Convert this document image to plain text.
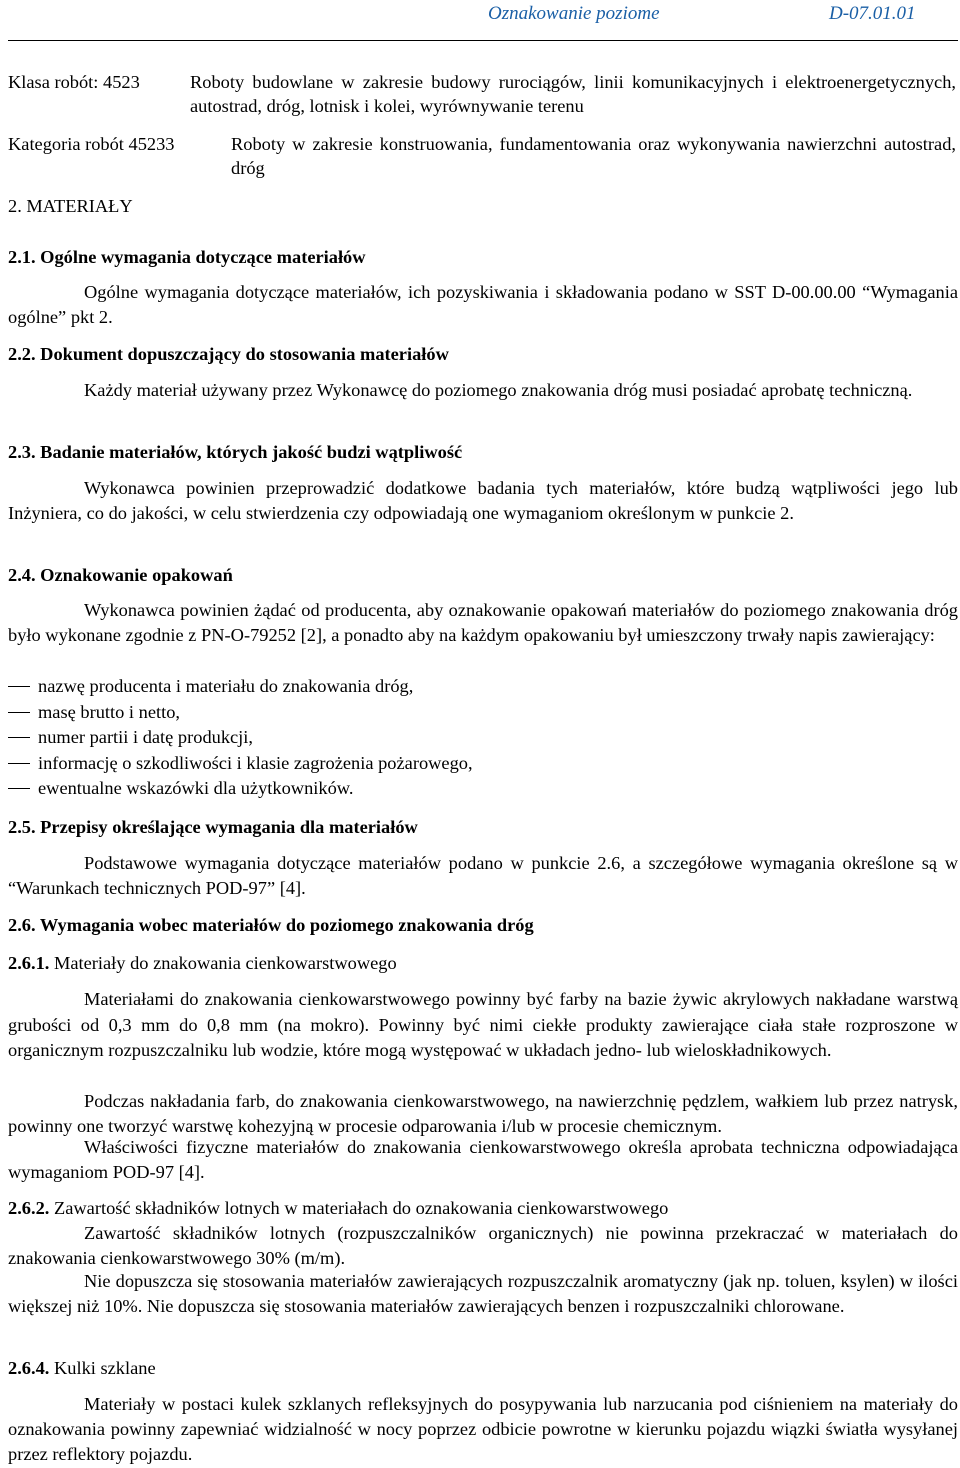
Oznakowanie poziome	D-07.01.01
Klasa robót: 4523	Roboty budowlane w zakresie budowy rurociągów, linii komunikacyjnych i elektroenergetycznych, autostrad, dróg, lotnisk i kolei, wyrównywanie terenu
Kategoria robót 45233	Roboty w zakresie konstruowania, fundamentowania oraz wykonywania nawierzchni autostrad, dróg
2. MATERIAŁY
2.1. Ogólne wymagania dotyczące materiałów
Ogólne wymagania dotyczące materiałów, ich pozyskiwania i składowania podano w SST D-00.00.00 “Wymagania ogólne” pkt 2.
2.2. Dokument dopuszczający do stosowania materiałów
Każdy materiał używany przez Wykonawcę do poziomego znakowania dróg musi posiadać aprobatę techniczną.
2.3. Badanie materiałów, których jakość budzi wątpliwość
Wykonawca powinien przeprowadzić dodatkowe badania tych materiałów, które budzą wątpliwości jego lub Inżyniera, co do jakości, w celu stwierdzenia czy odpowiadają one wymaganiom określonym w punkcie 2.
2.4. Oznakowanie opakowań
Wykonawca powinien żądać od producenta, aby oznakowanie opakowań materiałów do poziomego znakowania dróg było wykonane zgodnie z PN-O-79252 [2], a ponadto aby na każdym opakowaniu był umieszczony trwały napis zawierający:
nazwę producenta i materiału do znakowania dróg,
masę brutto i netto,
numer partii i datę produkcji,
informację o szkodliwości i klasie zagrożenia pożarowego,
ewentualne wskazówki dla użytkowników.
2.5. Przepisy określające wymagania dla materiałów
Podstawowe wymagania dotyczące materiałów podano w punkcie 2.6, a szczegółowe wymagania określone są w “Warunkach technicznych POD-97” [4].
2.6. Wymagania wobec materiałów do poziomego znakowania dróg
2.6.1. Materiały do znakowania cienkowarstwowego
Materiałami do znakowania cienkowarstwowego powinny być farby na bazie żywic akrylowych nakładane warstwą grubości od 0,3 mm do 0,8 mm (na mokro). Powinny być nimi ciekłe produkty zawierające ciała stałe rozproszone w organicznym rozpuszczalniku lub wodzie, które mogą występować w układach jedno- lub wieloskładnikowych.
Podczas nakładania farb, do znakowania cienkowarstwowego, na nawierzchnię pędzlem, wałkiem lub przez natrysk, powinny one tworzyć warstwę kohezyjną w procesie odparowania i/lub w procesie chemicznym.
Właściwości fizyczne materiałów do znakowania cienkowarstwowego określa aprobata techniczna odpowiadająca wymaganiom POD-97 [4].
2.6.2. Zawartość składników lotnych w materiałach do oznakowania cienkowarstwowego
Zawartość składników lotnych (rozpuszczalników organicznych) nie powinna przekraczać w materiałach do znakowania cienkowarstwowego 30% (m/m).
Nie dopuszcza się stosowania materiałów zawierających rozpuszczalnik aromatyczny (jak np. toluen, ksylen) w ilości większej niż 10%. Nie dopuszcza się stosowania materiałów zawierających benzen i rozpuszczalniki chlorowane.
2.6.4. Kulki szklane
Materiały w postaci kulek szklanych refleksyjnych do posypywania lub narzucania pod ciśnieniem na materiały do oznakowania powinny zapewniać widzialność w nocy poprzez odbicie powrotne w kierunku pojazdu wiązki światła wysyłanej przez reflektory pojazdu.
